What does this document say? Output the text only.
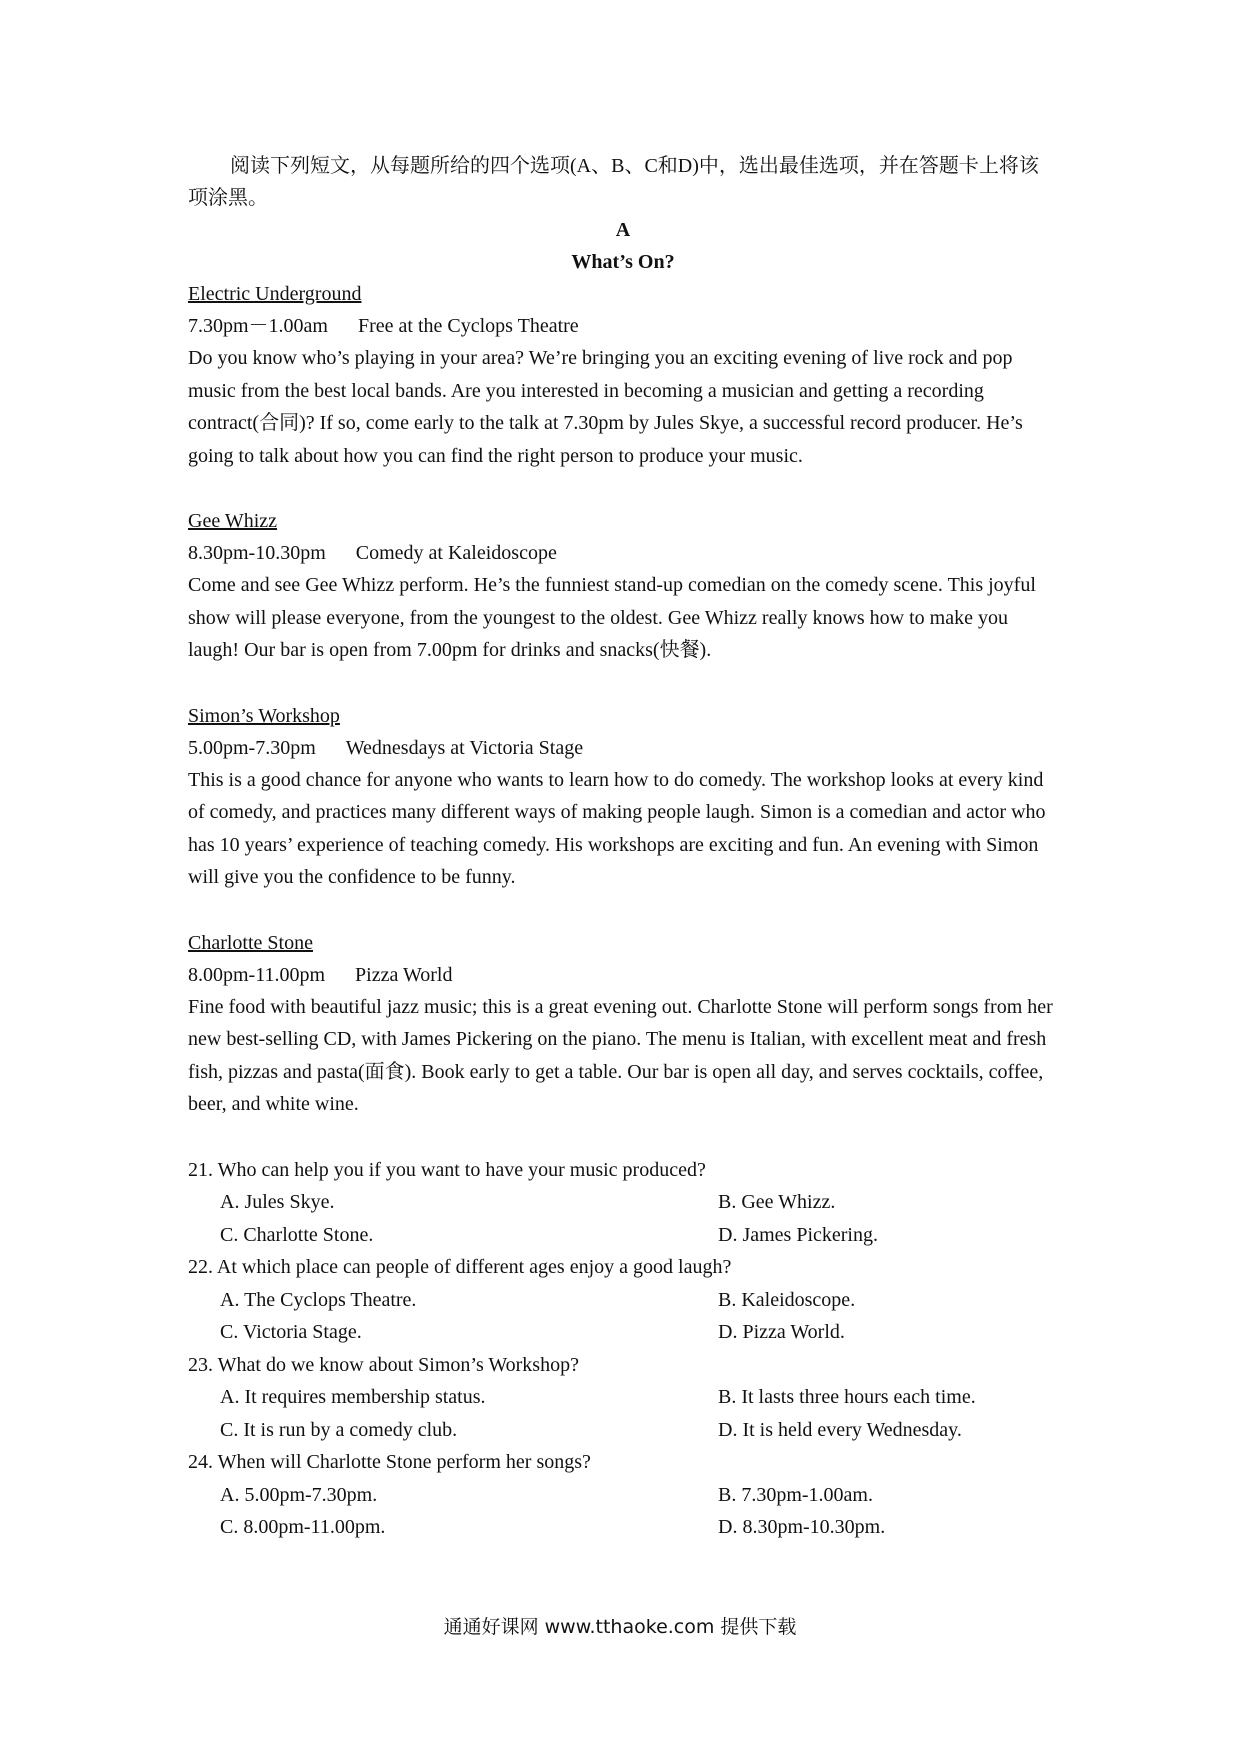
阅读下列短文，从每题所给的四个选项(A、B、C和D)中，选出最佳选项，并在答题卡上将该项涂黑。

A
What’s On?

Electric Underground

7.30pm－1.00am Free at the Cyclops Theatre

Do you know who’s playing in your area? We’re bringing you an exciting evening of live rock and pop music from the best local bands. Are you interested in becoming a musician and getting a recording contract(合同)? If so, come early to the talk at 7.30pm by Jules Skye, a successful record producer. He’s going to talk about how you can find the right person to produce your music.

Gee Whizz

8.30pm-10.30pm Comedy at Kaleidoscope

Come and see Gee Whizz perform. He’s the funniest stand-up comedian on the comedy scene. This joyful show will please everyone, from the youngest to the oldest. Gee Whizz really knows how to make you laugh! Our bar is open from 7.00pm for drinks and snacks(快餐).

Simon’s Workshop

5.00pm-7.30pm Wednesdays at Victoria Stage

This is a good chance for anyone who wants to learn how to do comedy. The workshop looks at every kind of comedy, and practices many different ways of making people laugh. Simon is a comedian and actor who has 10 years’ experience of teaching comedy. His workshops are exciting and fun. An evening with Simon will give you the confidence to be funny.

Charlotte Stone

8.00pm-11.00pm Pizza World

Fine food with beautiful jazz music; this is a great evening out. Charlotte Stone will perform songs from her new best-selling CD, with James Pickering on the piano. The menu is Italian, with excellent meat and fresh fish, pizzas and pasta(面食). Book early to get a table. Our bar is open all day, and serves cocktails, coffee, beer, and white wine.

21. Who can help you if you want to have your music produced?

A. Jules Skye.	B. Gee Whizz.
C. Charlotte Stone.	D. James Pickering.

22. At which place can people of different ages enjoy a good laugh?

A. The Cyclops Theatre.	B. Kaleidoscope.
C. Victoria Stage.	D. Pizza World.

23. What do we know about Simon’s Workshop?

A. It requires membership status.	B. It lasts three hours each time.
C. It is run by a comedy club.	D. It is held every Wednesday.

24. When will Charlotte Stone perform her songs?

A. 5.00pm-7.30pm.	B. 7.30pm-1.00am.
C. 8.00pm-11.00pm.	D. 8.30pm-10.30pm.
通通好课网 www.tthaoke.com 提供下载
